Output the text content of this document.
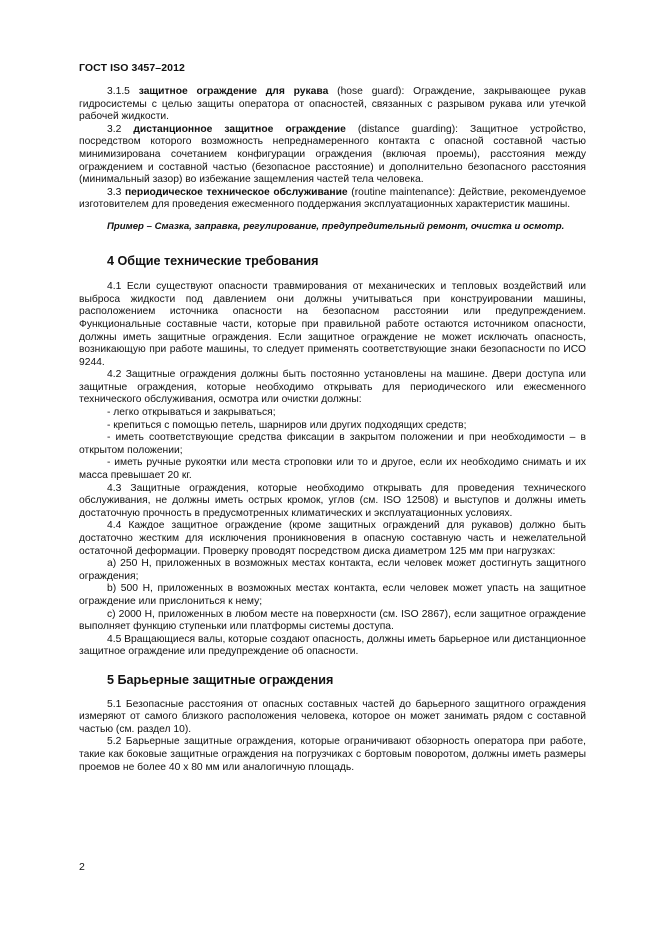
ГОСТ ISO 3457–2012

3.1.5 защитное ограждение для рукава (hose guard): Ограждение, закрывающее рукав гидросистемы с целью защиты оператора от опасностей, связанных с разрывом рукава или утечкой рабочей жидкости.

3.2 дистанционное защитное ограждение (distance guarding): Защитное устройство, посредством которого возможность непреднамеренного контакта с опасной составной частью минимизирована сочетанием конфигурации ограждения (включая проемы), расстояния между ограждением и составной частью (безопасное расстояние) и дополнительно безопасного расстояния (минимальный зазор) во избежание защемления частей тела человека.

3.3 периодическое техническое обслуживание (routine maintenance): Действие, рекомендуемое изготовителем для проведения ежесменного поддержания эксплуатационных характеристик машины.

Пример – Смазка, заправка, регулирование, предупредительный ремонт, очистка и осмотр.

4 Общие технические требования

4.1 Если существуют опасности травмирования от механических и тепловых воздействий или выброса жидкости под давлением они должны учитываться при конструировании машины, расположением источника опасности на безопасном расстоянии или предупреждением. Функциональные составные части, которые при правильной работе остаются источником опасности, должны иметь защитные ограждения. Если защитное ограждение не может исключать опасность, возникающую при работе машины, то следует применять соответствующие знаки безопасности по ИСО 9244.

4.2 Защитные ограждения должны быть постоянно установлены на машине. Двери доступа или защитные ограждения, которые необходимо открывать для периодического или ежесменного технического обслуживания, осмотра или очистки должны:

- легко открываться и закрываться;

- крепиться с помощью петель, шарниров или других подходящих средств;

- иметь соответствующие средства фиксации в закрытом положении и при необходимости – в открытом положении;

- иметь ручные рукоятки или места строповки или то и другое, если их необходимо снимать и их масса превышает 20 кг.

4.3 Защитные ограждения, которые необходимо открывать для проведения технического обслуживания, не должны иметь острых кромок, углов (см. ISO 12508) и выступов и должны иметь достаточную прочность в предусмотренных климатических и эксплуатационных условиях.

4.4 Каждое защитное ограждение (кроме защитных ограждений для рукавов) должно быть достаточно жестким для исключения проникновения в опасную составную часть и нежелательной остаточной деформации. Проверку проводят посредством диска диаметром 125 мм при нагрузках:

a) 250 Н, приложенных в возможных местах контакта, если человек может достигнуть защитного ограждения;

b) 500 Н, приложенных в возможных местах контакта, если человек может упасть на защитное ограждение или прислониться к нему;

c) 2000 Н, приложенных в любом месте на поверхности (см. ISO 2867), если защитное ограждение выполняет функцию ступеньки или платформы системы доступа.

4.5 Вращающиеся валы, которые создают опасность, должны иметь барьерное или дистанционное защитное ограждение или предупреждение об опасности.

5 Барьерные защитные ограждения

5.1 Безопасные расстояния от опасных составных частей до барьерного защитного ограждения измеряют от самого близкого расположения человека, которое он может занимать рядом с составной частью (см. раздел 10).

5.2 Барьерные защитные ограждения, которые ограничивают обзорность оператора при работе, такие как боковые защитные ограждения на погрузчиках с бортовым поворотом, должны иметь размеры проемов не более 40 х 80 мм или аналогичную площадь.

2
